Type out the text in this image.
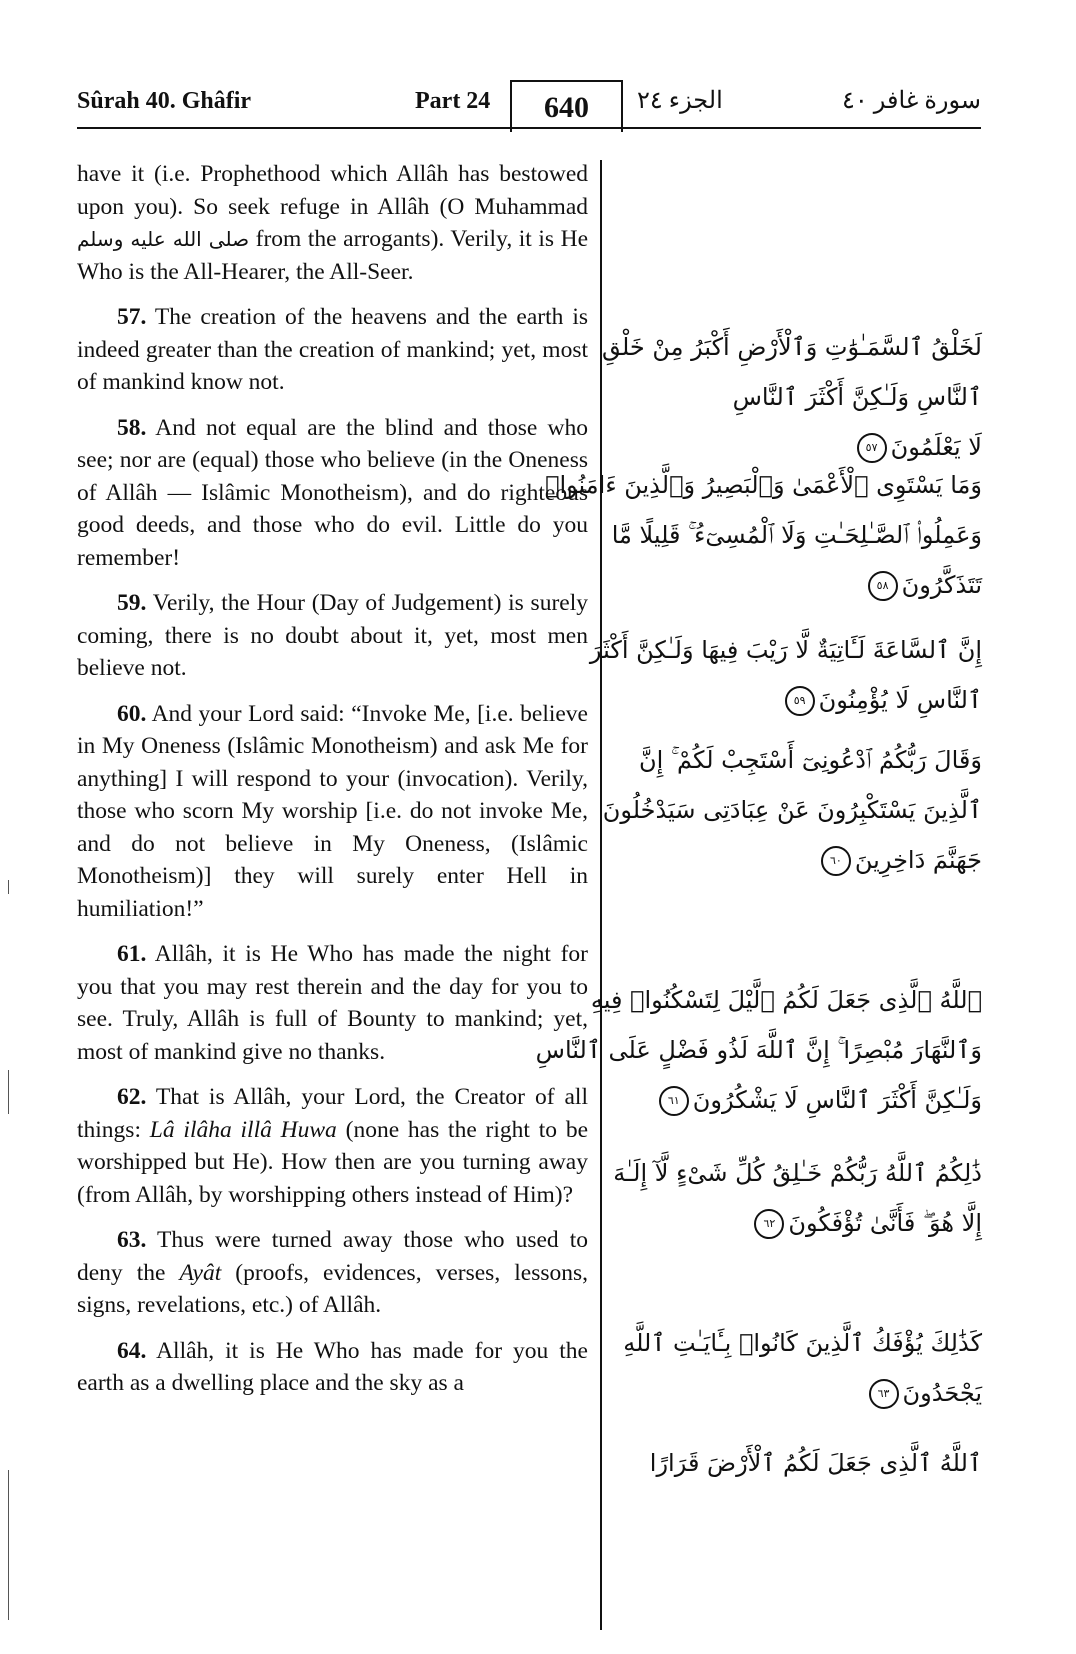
Sûrah 40. Ghâfir	Part 24	640	الجزء ٢٤	سورة غافر ٤٠

have it (i.e. Prophethood which Allâh has bestowed upon you). So seek refuge in Allâh (O Muhammad صلى الله عليه وسلم from the arrogants). Verily, it is He Who is the All-Hearer, the All-Seer.

57. The creation of the heavens and the earth is indeed greater than the creation of mankind; yet, most of mankind know not.

58. And not equal are the blind and those who see; nor are (equal) those who believe (in the Oneness of Allâh — Islâmic Monotheism), and do righteous good deeds, and those who do evil. Little do you remember!

59. Verily, the Hour (Day of Judgement) is surely coming, there is no doubt about it, yet, most men believe not.

60. And your Lord said: “Invoke Me, [i.e. believe in My Oneness (Islâmic Monotheism) and ask Me for anything] I will respond to your (invocation). Verily, those who scorn My worship [i.e. do not invoke Me, and do not believe in My Oneness, (Islâmic Monotheism)] they will surely enter Hell in humiliation!”

61. Allâh, it is He Who has made the night for you that you may rest therein and the day for you to see. Truly, Allâh is full of Bounty to mankind; yet, most of mankind give no thanks.

62. That is Allâh, your Lord, the Creator of all things: Lâ ilâha illâ Huwa (none has the right to be worshipped but He). How then are you turning away (from Allâh, by worshipping others instead of Him)?

63. Thus were turned away those who used to deny the Ayât (proofs, evidences, verses, lessons, signs, revelations, etc.) of Allâh.

64. Allâh, it is He Who has made for you the earth as a dwelling place and the sky as a

لَخَلْقُ ٱلسَّمَـٰوَٰتِ وَٱلْأَرْضِ أَكْبَرُ مِنْ خَلْقِ
ٱلنَّاسِ وَلَـٰكِنَّ أَكْثَرَ ٱلنَّاسِ
لَا يَعْلَمُونَ٥٧
وَمَا يَسْتَوِى ٱلْأَعْمَىٰ وَٱلْبَصِيرُ وَٱلَّذِينَ ءَامَنُوا۟
وَعَمِلُوا۟ ٱلصَّـٰلِحَـٰتِ وَلَا ٱلْمُسِىٓءُ ۚ قَلِيلًا مَّا
تَتَذَكَّرُونَ٥٨
إِنَّ ٱلسَّاعَةَ لَـَٔاتِيَةٌ لَّا رَيْبَ فِيهَا وَلَـٰكِنَّ أَكْثَرَ
ٱلنَّاسِ لَا يُؤْمِنُونَ٥٩
وَقَالَ رَبُّكُمُ ٱدْعُونِىٓ أَسْتَجِبْ لَكُمْ ۚ إِنَّ
ٱلَّذِينَ يَسْتَكْبِرُونَ عَنْ عِبَادَتِى سَيَدْخُلُونَ
جَهَنَّمَ دَاخِرِينَ٦٠
ٱللَّهُ ٱلَّذِى جَعَلَ لَكُمُ ٱلَّيْلَ لِتَسْكُنُوا۟ فِيهِ
وَٱلنَّهَارَ مُبْصِرًا ۚ إِنَّ ٱللَّهَ لَذُو فَضْلٍ عَلَى ٱلنَّاسِ
وَلَـٰكِنَّ أَكْثَرَ ٱلنَّاسِ لَا يَشْكُرُونَ٦١
ذَٰلِكُمُ ٱللَّهُ رَبُّكُمْ خَـٰلِقُ كُلِّ شَىْءٍ لَّآ إِلَـٰهَ
إِلَّا هُوَ ۖ فَأَنَّىٰ تُؤْفَكُونَ٦٢
كَذَٰلِكَ يُؤْفَكُ ٱلَّذِينَ كَانُوا۟ بِـَٔايَـٰتِ ٱللَّهِ
يَجْحَدُونَ٦٣
ٱللَّهُ ٱلَّذِى جَعَلَ لَكُمُ ٱلْأَرْضَ قَرَارًا
